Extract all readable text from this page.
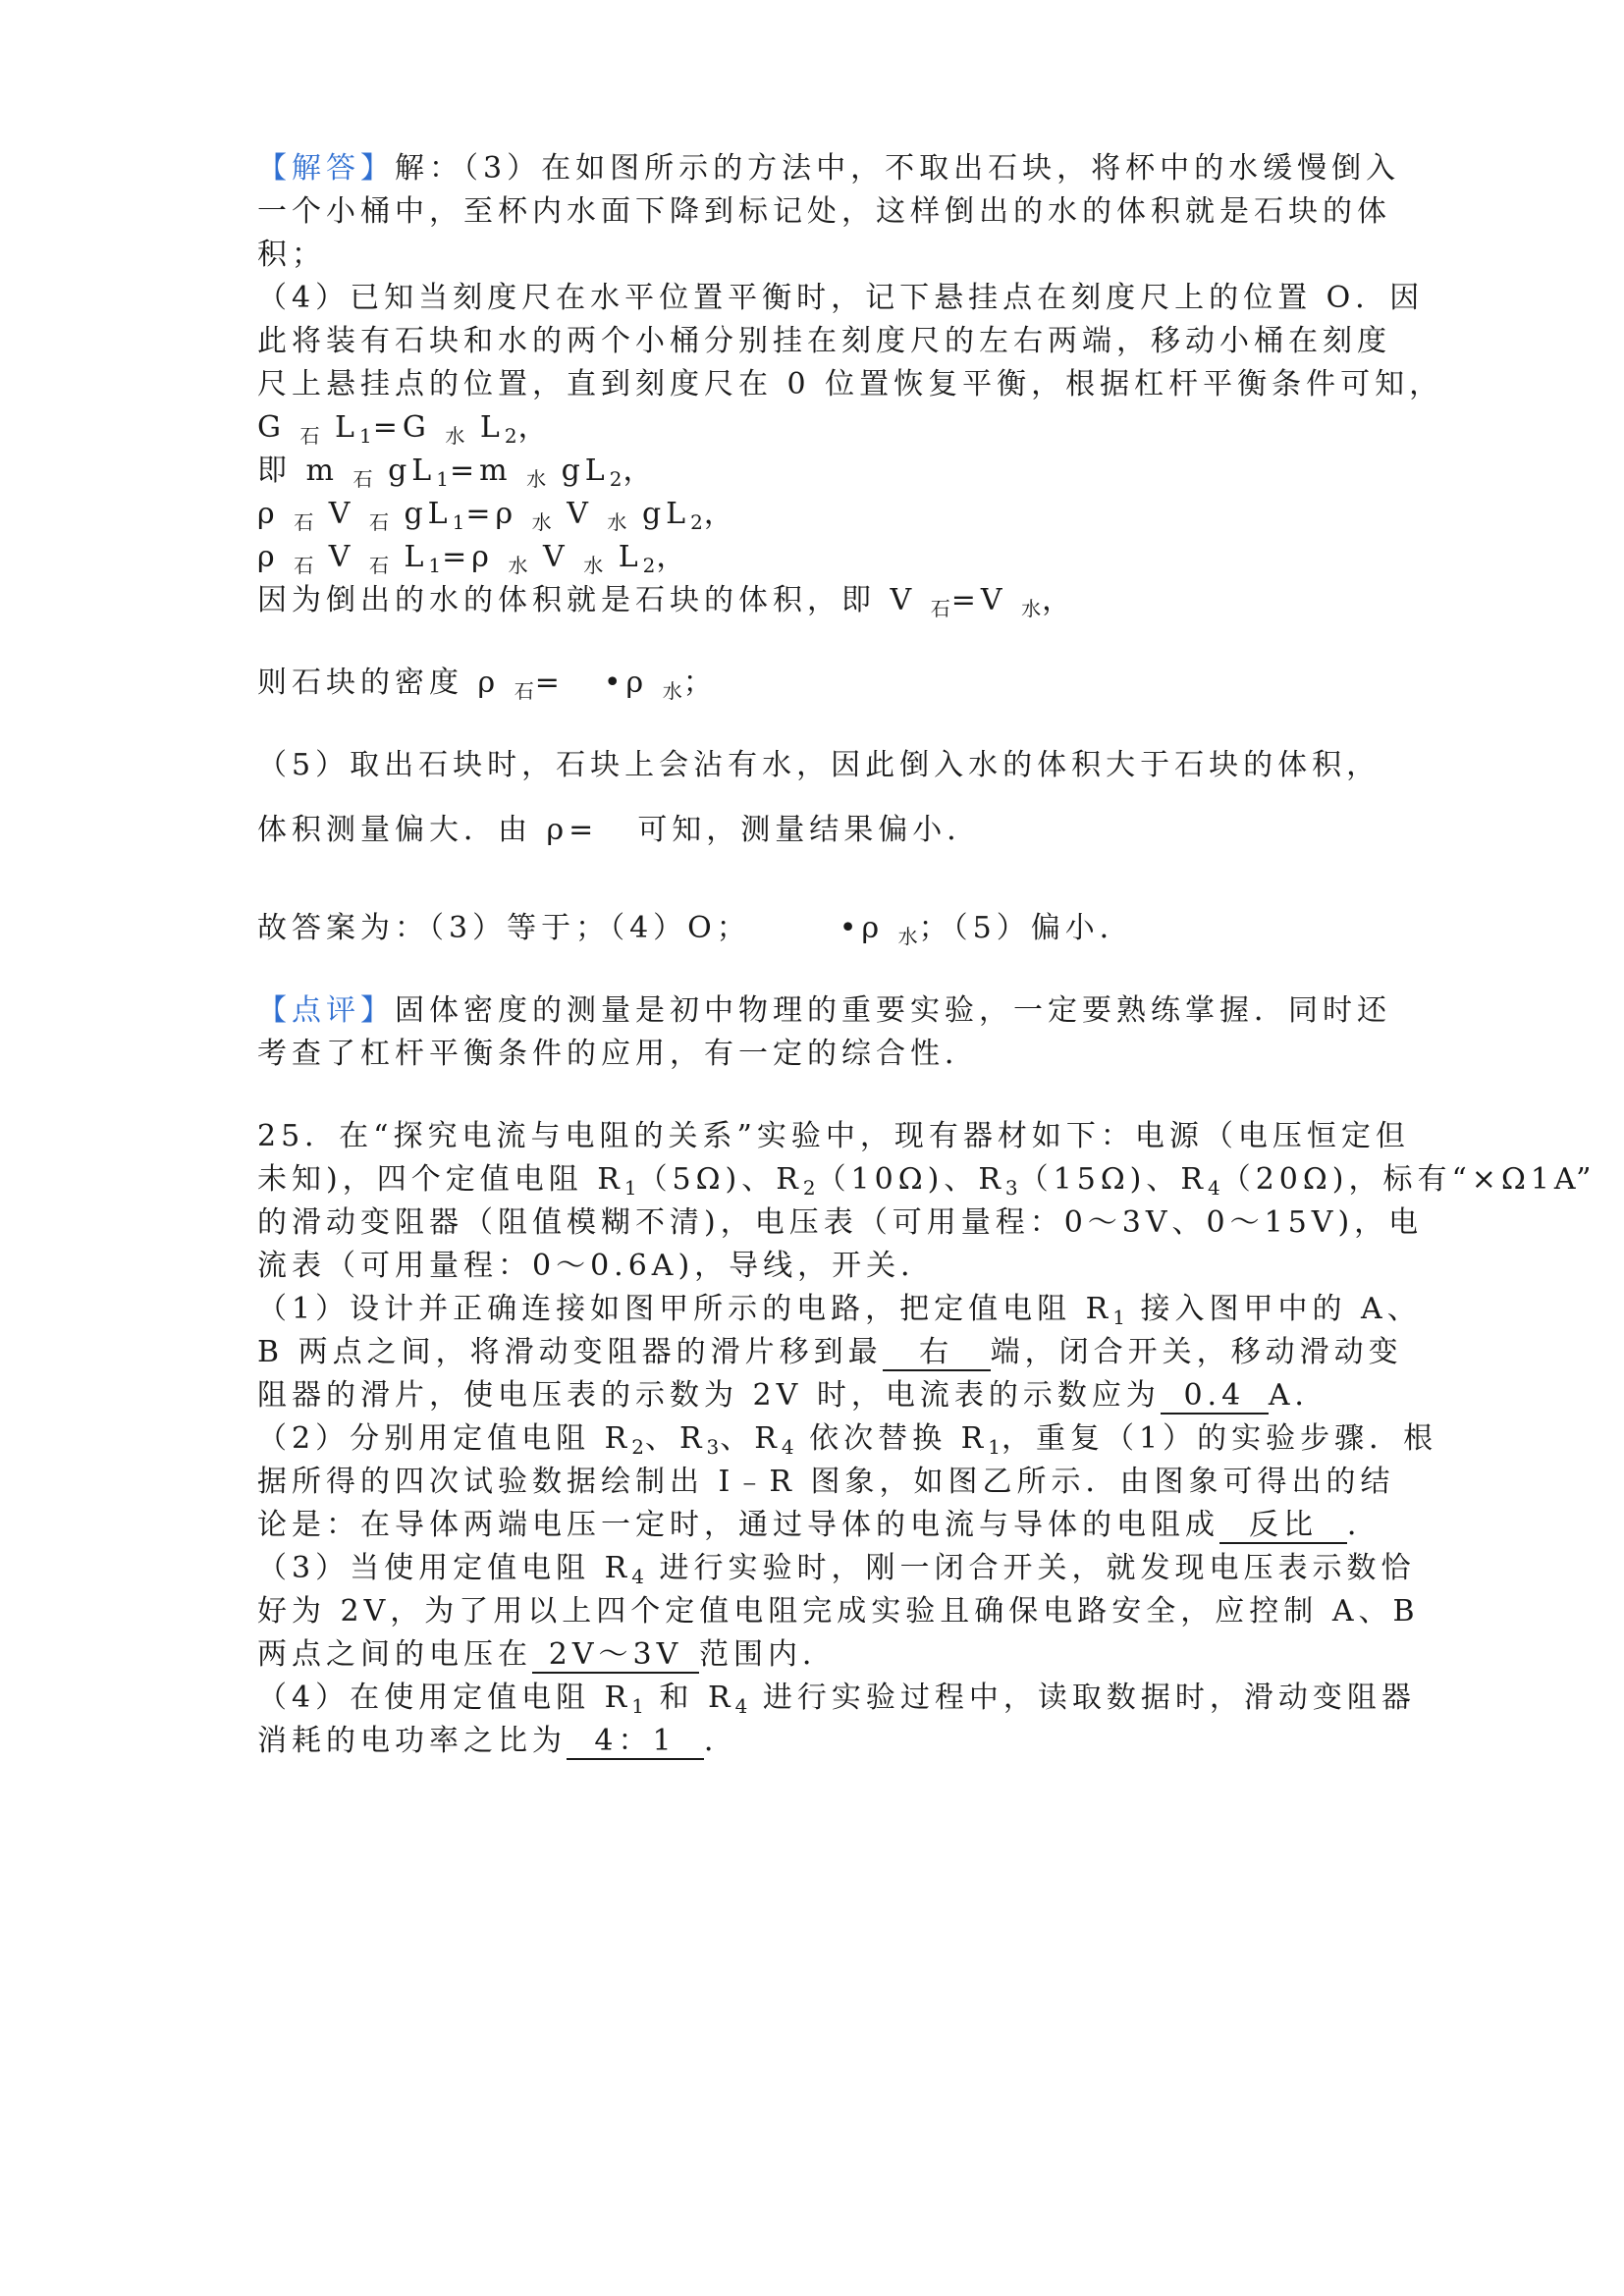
【解答】解：（3）在如图所示的方法中，不取出石块，将杯中的水缓慢倒入

一个小桶中，至杯内水面下降到标记处，这样倒出的水的体积就是石块的体

积；

（4）已知当刻度尺在水平位置平衡时，记下悬挂点在刻度尺上的位置 O．因

此将装有石块和水的两个小桶分别挂在刻度尺的左右两端，移动小桶在刻度

尺上悬挂点的位置，直到刻度尺在 0 位置恢复平衡，根据杠杆平衡条件可知，

G $_石$ $L_1=G$ $_水$ $L_2$，

即 m $_石$ $gL_1=m$ $_水$ $gL_2$，

ρ $_石$ V $_石$ $gL_1=\rho$ $_水$ V $_水$ $gL_2$，

ρ $_石$ V $_石$ $L_1=\rho$ $_水$ V $_水$ $L_2$，

因为倒出的水的体积就是石块的体积，即 V $_石$=V $_水$，

则石块的密度 ρ $_石$= •ρ $_水$；

（5）取出石块时，石块上会沾有水，因此倒入水的体积大于石块的体积，

体积测量偏大．由 ρ= 可知，测量结果偏小．

故答案为：（3）等于；（4）O；	•ρ $_水$；（5）偏小．

【点评】固体密度的测量是初中物理的重要实验，一定要熟练掌握．同时还

考查了杠杆平衡条件的应用，有一定的综合性．

25．在“探究电流与电阻的关系”实验中，现有器材如下：电源（电压恒定但

未知)，四个定值电阻 $R_1(5\Omega)$、$R_2(10\Omega)$、$R_3(15\Omega)$、$R_4(20\Omega)$，标有“×Ω1A”

的滑动变阻器（阻值模糊不清)，电压表（可用量程：0～3V、0～15V)，电

流表（可用量程：0～0.6A)，导线，开关．

（1）设计并正确连接如图甲所示的电路，把定值电阻 $R_1$ 接入图甲中的 A、

B 两点之间，将滑动变阻器的滑片移到最 右 端，闭合开关，移动滑动变

阻器的滑片，使电压表的示数为 2V 时，电流表的示数应为 0.4 A．

（2）分别用定值电阻 $R_2$、$R_3$、$R_4$ 依次替换 $R_1$，重复（1）的实验步骤．根

据所得的四次试验数据绘制出 I﹣R 图象，如图乙所示．由图象可得出的结

论是：在导体两端电压一定时，通过导体的电流与导体的电阻成 反比 ．

（3）当使用定值电阻 $R_4$ 进行实验时，刚一闭合开关，就发现电压表示数恰

好为 2V，为了用以上四个定值电阻完成实验且确保电路安全，应控制 A、B

两点之间的电压在 2V～3V 范围内．

（4）在使用定值电阻 $R_1$ 和 $R_4$ 进行实验过程中，读取数据时，滑动变阻器

消耗的电功率之比为 4：1 ．
